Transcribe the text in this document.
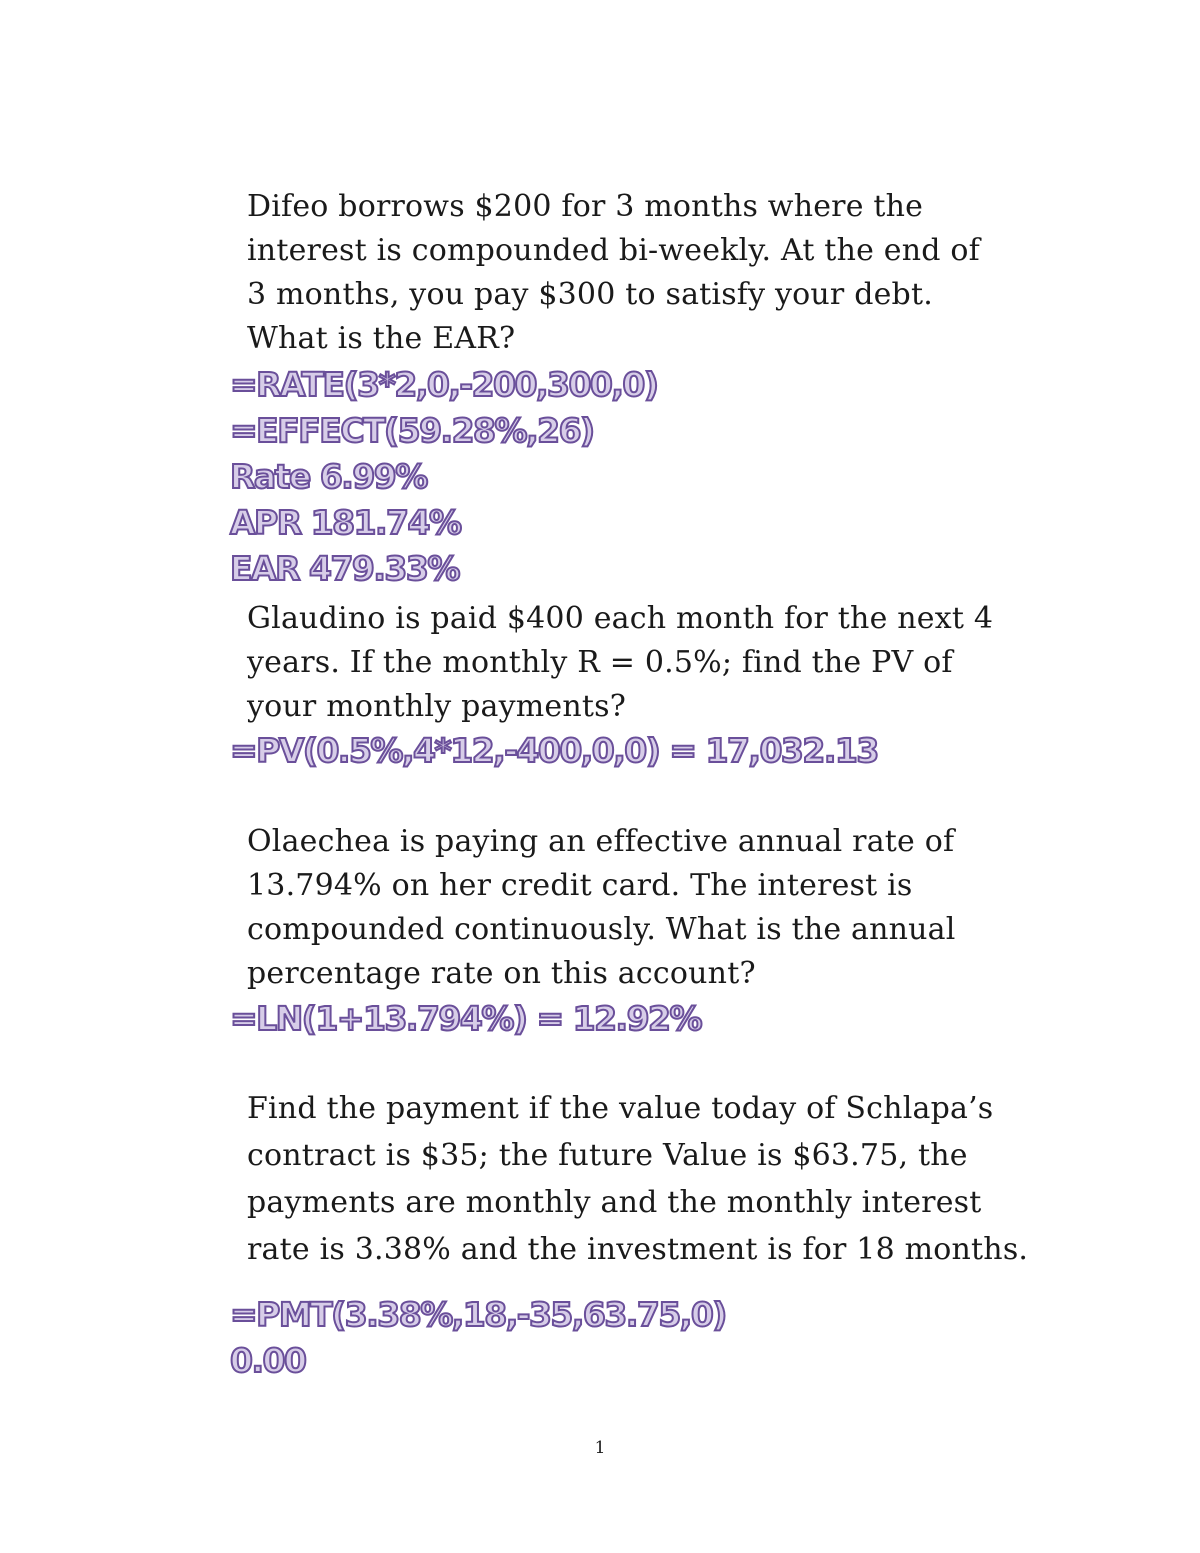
Difeo borrows $200 for 3 months where the
interest is compounded bi-weekly. At the end of
3 months, you pay $300 to satisfy your debt.
What is the EAR?
=RATE(3*2,0,-200,300,0)
=EFFECT(59.28%,26)
Rate 6.99%
APR 181.74%
EAR 479.33%
Glaudino is paid $400 each month for the next 4
years. If the monthly R = 0.5%; find the PV of
your monthly payments?
=PV(0.5%,4*12,-400,0,0) = 17,032.13
Olaechea is paying an effective annual rate of
13.794% on her credit card. The interest is
compounded continuously. What is the annual
percentage rate on this account?
=LN(1+13.794%) = 12.92%
Find the payment if the value today of Schlapa’s
contract is $35; the future Value is $63.75, the
payments are monthly and the monthly interest
rate is 3.38% and the investment is for 18 months.
=PMT(3.38%,18,-35,63.75,0)
0.00
1
